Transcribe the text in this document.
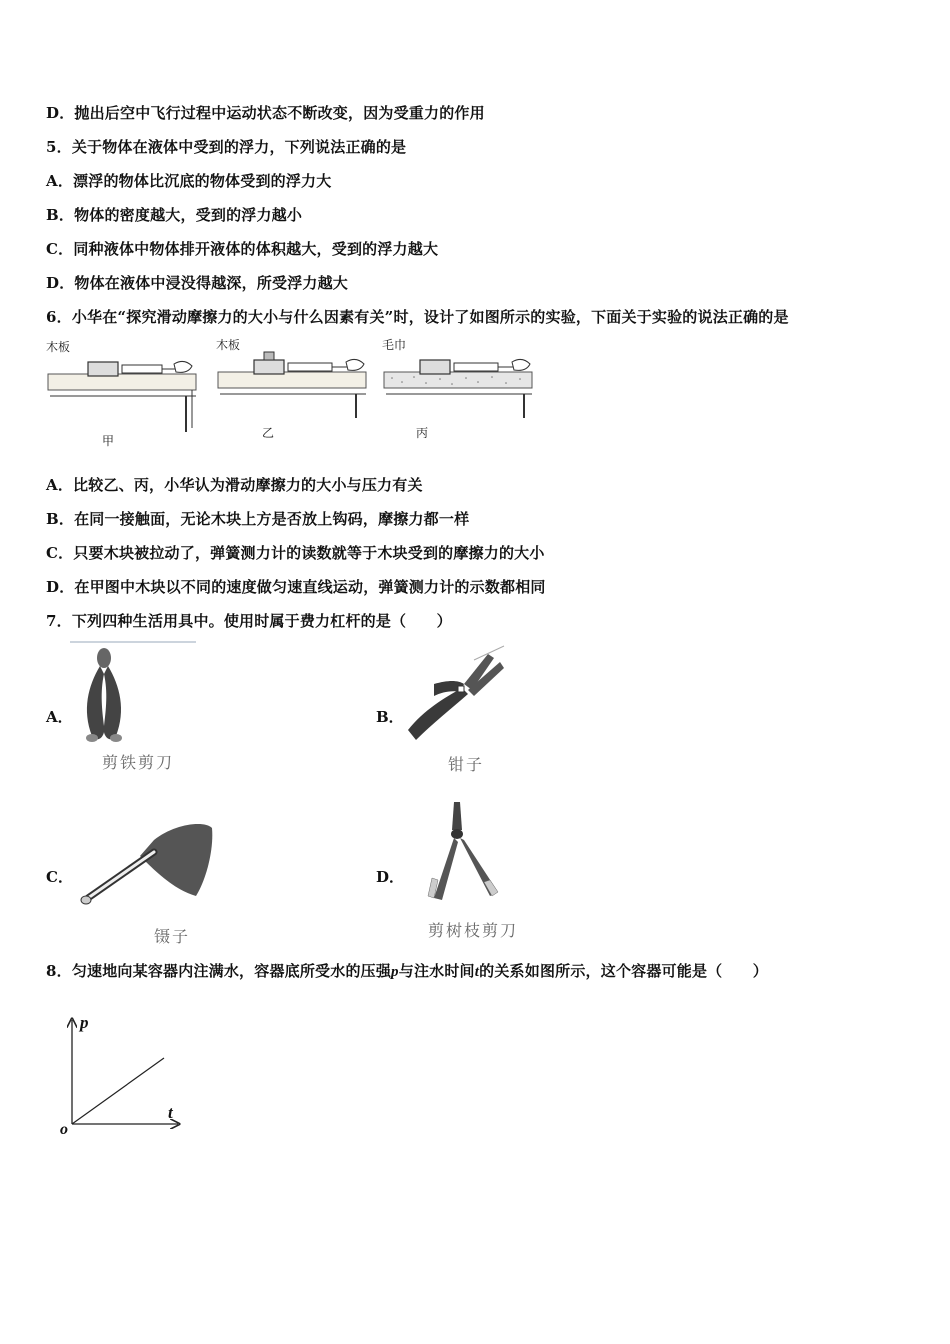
D．抛出后空中飞行过程中运动状态不断改变，因为受重力的作用
5．关于物体在液体中受到的浮力，下列说法正确的是
A．漂浮的物体比沉底的物体受到的浮力大
B．物体的密度越大，受到的浮力越小
C．同种液体中物体排开液体的体积越大，受到的浮力越大
D．物体在液体中浸没得越深，所受浮力越大
6．小华在“探究滑动摩擦力的大小与什么因素有关”时，设计了如图所示的实验，下面关于实验的说法正确的是
木板
甲
木板
乙
毛巾
丙
A．比较乙、丙，小华认为滑动摩擦力的大小与压力有关
B．在同一接触面，无论木块上方是否放上钩码，摩擦力都一样
C．只要木块被拉动了，弹簧测力计的读数就等于木块受到的摩擦力的大小
D．在甲图中木块以不同的速度做匀速直线运动，弹簧测力计的示数都相同
7．下列四种生活用具中。使用时属于费力杠杆的是（　　）
A．
剪铁剪刀
B．
钳子
C．
镊子
D．
剪树枝剪刀
8．匀速地向某容器内注满水，容器底所受水的压强p与注水时间t的关系如图所示，这个容器可能是（　　）
p
t
o
